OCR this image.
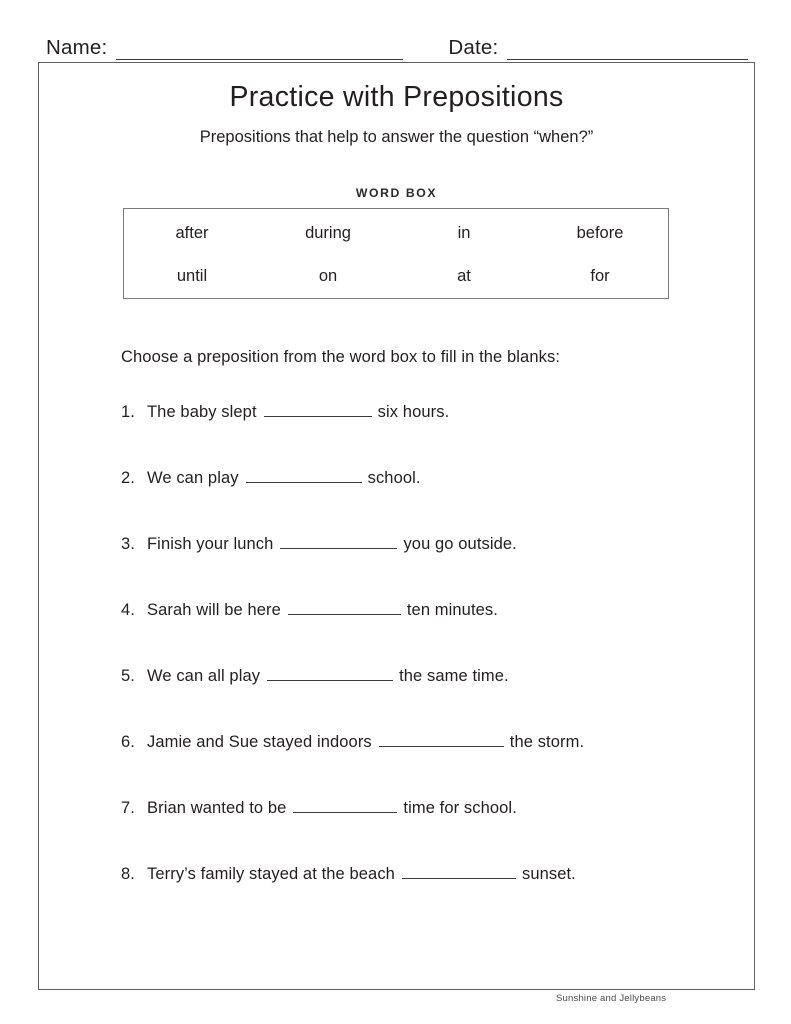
Name:	Date:
Practice with Prepositions
Prepositions that help to answer the question “when?”
WORD BOX
after	during	in	before
until	on	at	for
Choose a preposition from the word box to fill in the blanks:
1. The baby slept	six hours.
2. We can play	school.
3. Finish your lunch	you go outside.
4. Sarah will be here	ten minutes.
5. We can all play	the same time.
6. Jamie and Sue stayed indoors	the storm.
7. Brian wanted to be	time for school.
8. Terry’s family stayed at the beach	sunset.
Sunshine and Jellybeans
